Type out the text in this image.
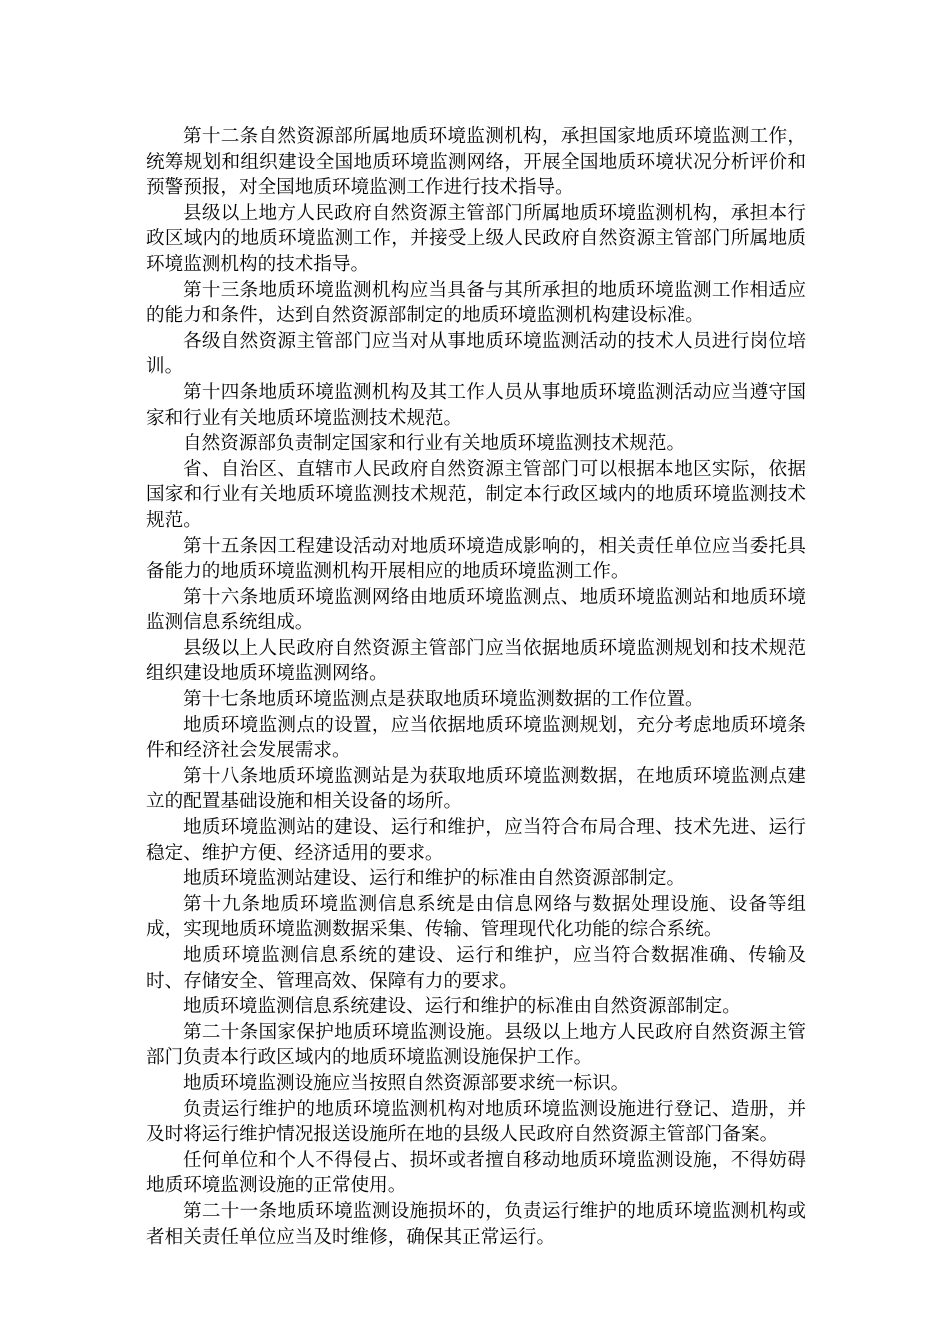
第十二条自然资源部所属地质环境监测机构，承担国家地质环境监测工作，统筹规划和组织建设全国地质环境监测网络，开展全国地质环境状况分析评价和预警预报，对全国地质环境监测工作进行技术指导。

县级以上地方人民政府自然资源主管部门所属地质环境监测机构，承担本行政区域内的地质环境监测工作，并接受上级人民政府自然资源主管部门所属地质环境监测机构的技术指导。

第十三条地质环境监测机构应当具备与其所承担的地质环境监测工作相适应的能力和条件，达到自然资源部制定的地质环境监测机构建设标准。

各级自然资源主管部门应当对从事地质环境监测活动的技术人员进行岗位培训。

第十四条地质环境监测机构及其工作人员从事地质环境监测活动应当遵守国家和行业有关地质环境监测技术规范。

自然资源部负责制定国家和行业有关地质环境监测技术规范。

省、自治区、直辖市人民政府自然资源主管部门可以根据本地区实际，依据国家和行业有关地质环境监测技术规范，制定本行政区域内的地质环境监测技术规范。

第十五条因工程建设活动对地质环境造成影响的，相关责任单位应当委托具备能力的地质环境监测机构开展相应的地质环境监测工作。

第十六条地质环境监测网络由地质环境监测点、地质环境监测站和地质环境监测信息系统组成。

县级以上人民政府自然资源主管部门应当依据地质环境监测规划和技术规范组织建设地质环境监测网络。

第十七条地质环境监测点是获取地质环境监测数据的工作位置。

地质环境监测点的设置，应当依据地质环境监测规划，充分考虑地质环境条件和经济社会发展需求。

第十八条地质环境监测站是为获取地质环境监测数据，在地质环境监测点建立的配置基础设施和相关设备的场所。

地质环境监测站的建设、运行和维护，应当符合布局合理、技术先进、运行稳定、维护方便、经济适用的要求。

地质环境监测站建设、运行和维护的标准由自然资源部制定。

第十九条地质环境监测信息系统是由信息网络与数据处理设施、设备等组成，实现地质环境监测数据采集、传输、管理现代化功能的综合系统。

地质环境监测信息系统的建设、运行和维护，应当符合数据准确、传输及时、存储安全、管理高效、保障有力的要求。

地质环境监测信息系统建设、运行和维护的标准由自然资源部制定。

第二十条国家保护地质环境监测设施。县级以上地方人民政府自然资源主管部门负责本行政区域内的地质环境监测设施保护工作。

地质环境监测设施应当按照自然资源部要求统一标识。

负责运行维护的地质环境监测机构对地质环境监测设施进行登记、造册，并及时将运行维护情况报送设施所在地的县级人民政府自然资源主管部门备案。

任何单位和个人不得侵占、损坏或者擅自移动地质环境监测设施，不得妨碍地质环境监测设施的正常使用。

第二十一条地质环境监测设施损坏的，负责运行维护的地质环境监测机构或者相关责任单位应当及时维修，确保其正常运行。
